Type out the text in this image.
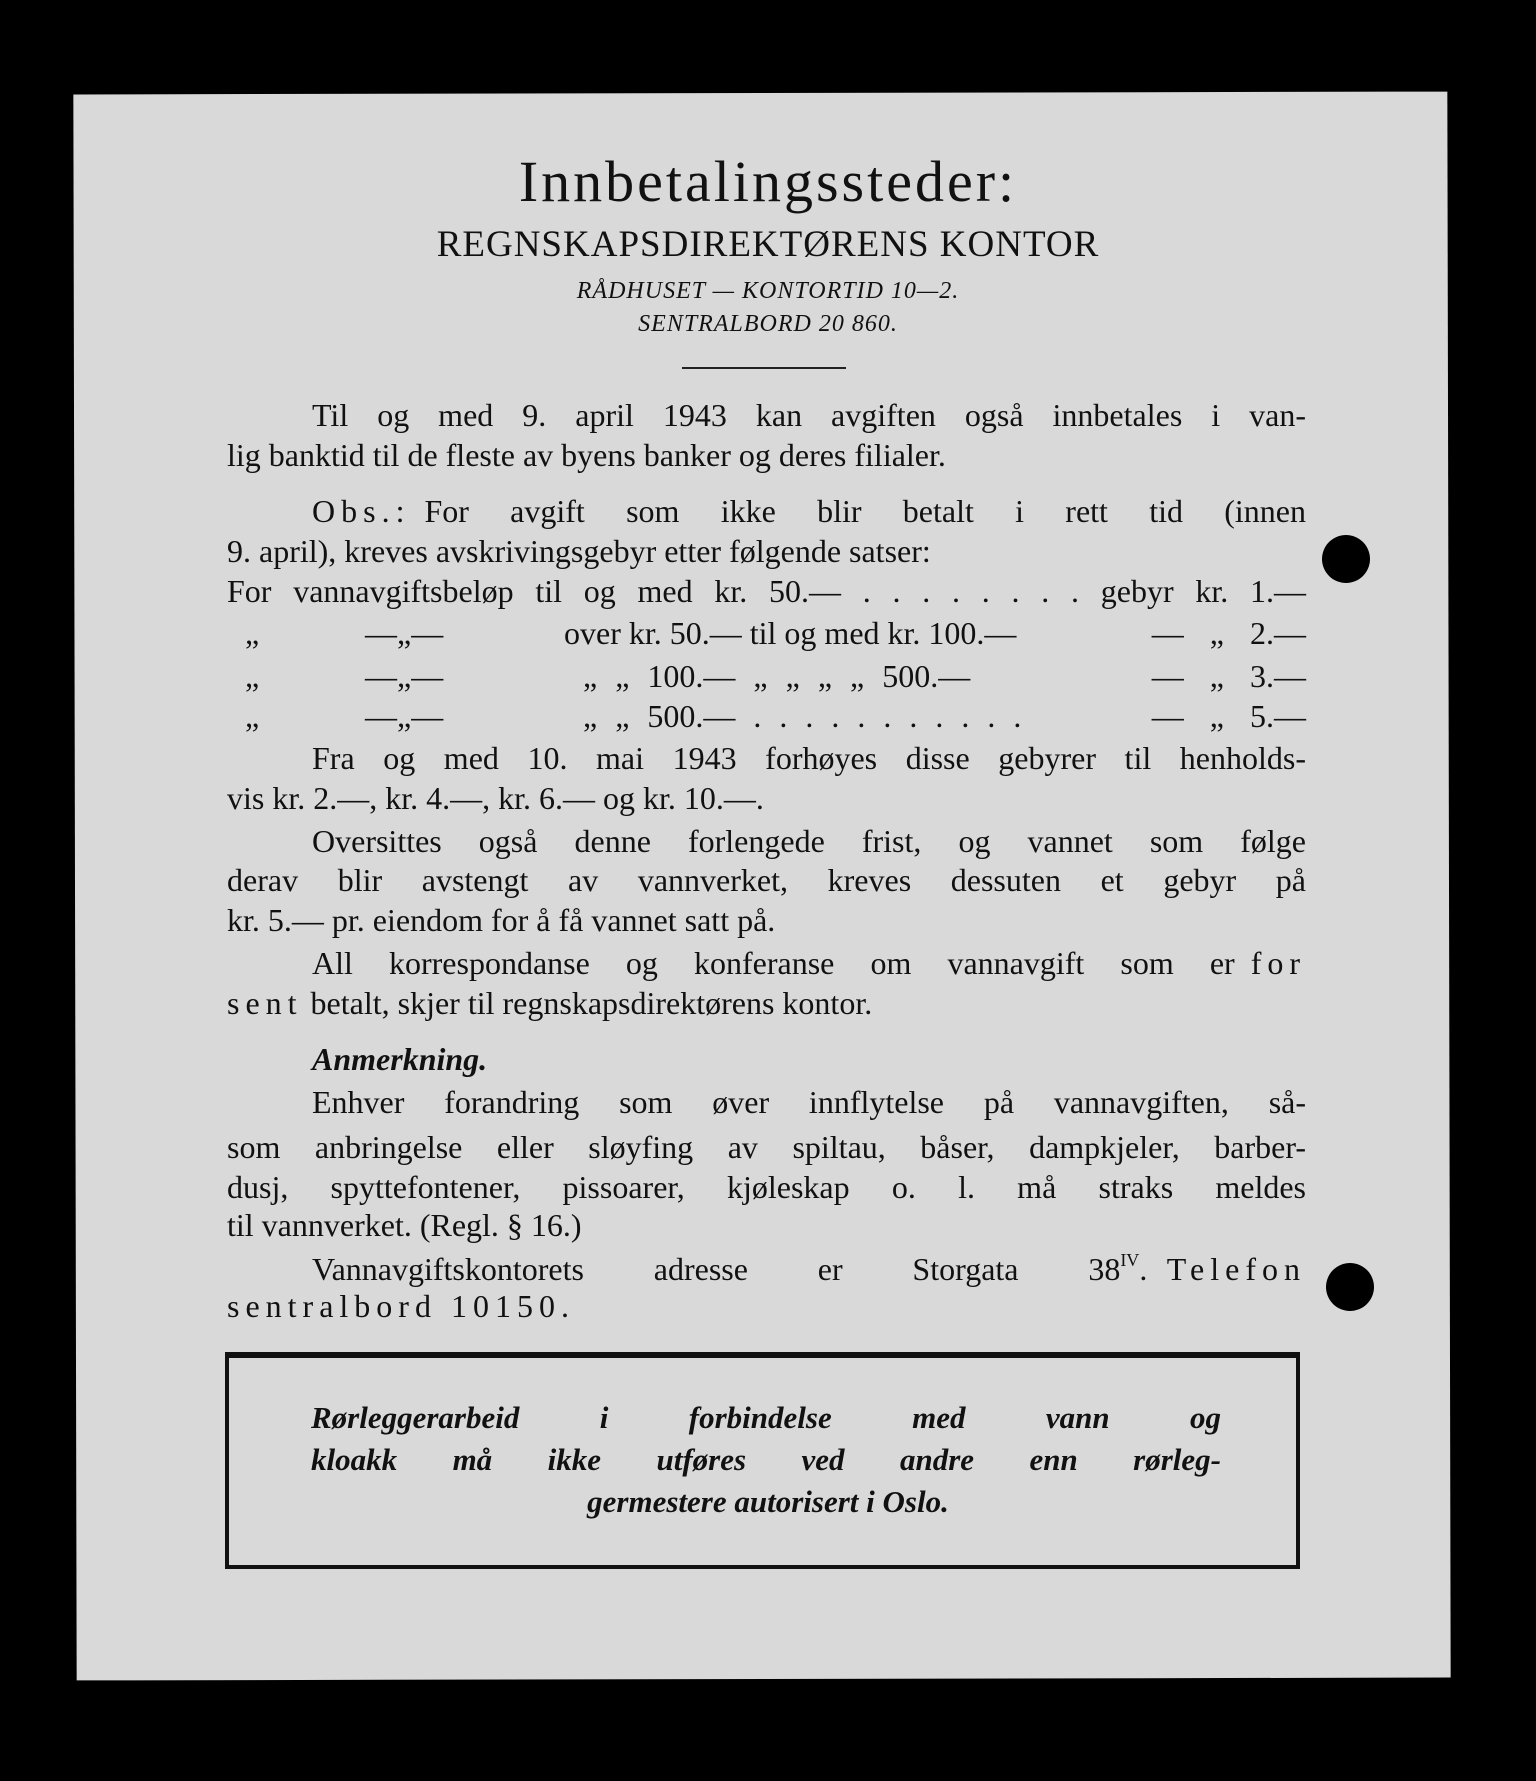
Innbetalingssteder:
REGNSKAPSDIREKTØRENS KONTOR
RÅDHUSET — KONTORTID 10—2.
SENTRALBORD 20 860.
Til og med 9. april 1943 kan avgiften også innbetales i van-
lig banktid til de fleste av byens banker og deres filialer.
Obs.: For avgift som ikke blir betalt i rett tid (innen
9. april), kreves avskrivingsgebyr etter følgende satser:
For vannavgiftsbeløp til og med kr. 50.— . . . . . . . . gebyr kr. 1.—
„	—„—	over kr. 50.— til og med kr. 100.—	— „ 2.—
„	—„—	„ „ 100.— „ „ „ „ 500.—	— „ 3.—
„	—„—	„ „ 500.— . . . . . . . . . . .	— „ 5.—
Fra og med 10. mai 1943 forhøyes disse gebyrer til henholds-
vis kr. 2.—, kr. 4.—, kr. 6.— og kr. 10.—.
Oversittes også denne forlengede frist, og vannet som følge
derav blir avstengt av vannverket, kreves dessuten et gebyr på
kr. 5.— pr. eiendom for å få vannet satt på.
All korrespondanse og konferanse om vannavgift som er for
sent betalt, skjer til regnskapsdirektørens kontor.
Anmerkning.
Enhver forandring som øver innflytelse på vannavgiften, så-
som anbringelse eller sløyfing av spiltau, båser, dampkjeler, barber-
dusj, spyttefontener, pissoarer, kjøleskap o. l. må straks meldes
til vannverket. (Regl. § 16.)
Vannavgiftskontorets adresse er Storgata 38 IV . Telefon
sentralbord 10150.
Rørleggerarbeid i forbindelse med vann og
kloakk må ikke utføres ved andre enn rørleg-
germestere autorisert i Oslo.
